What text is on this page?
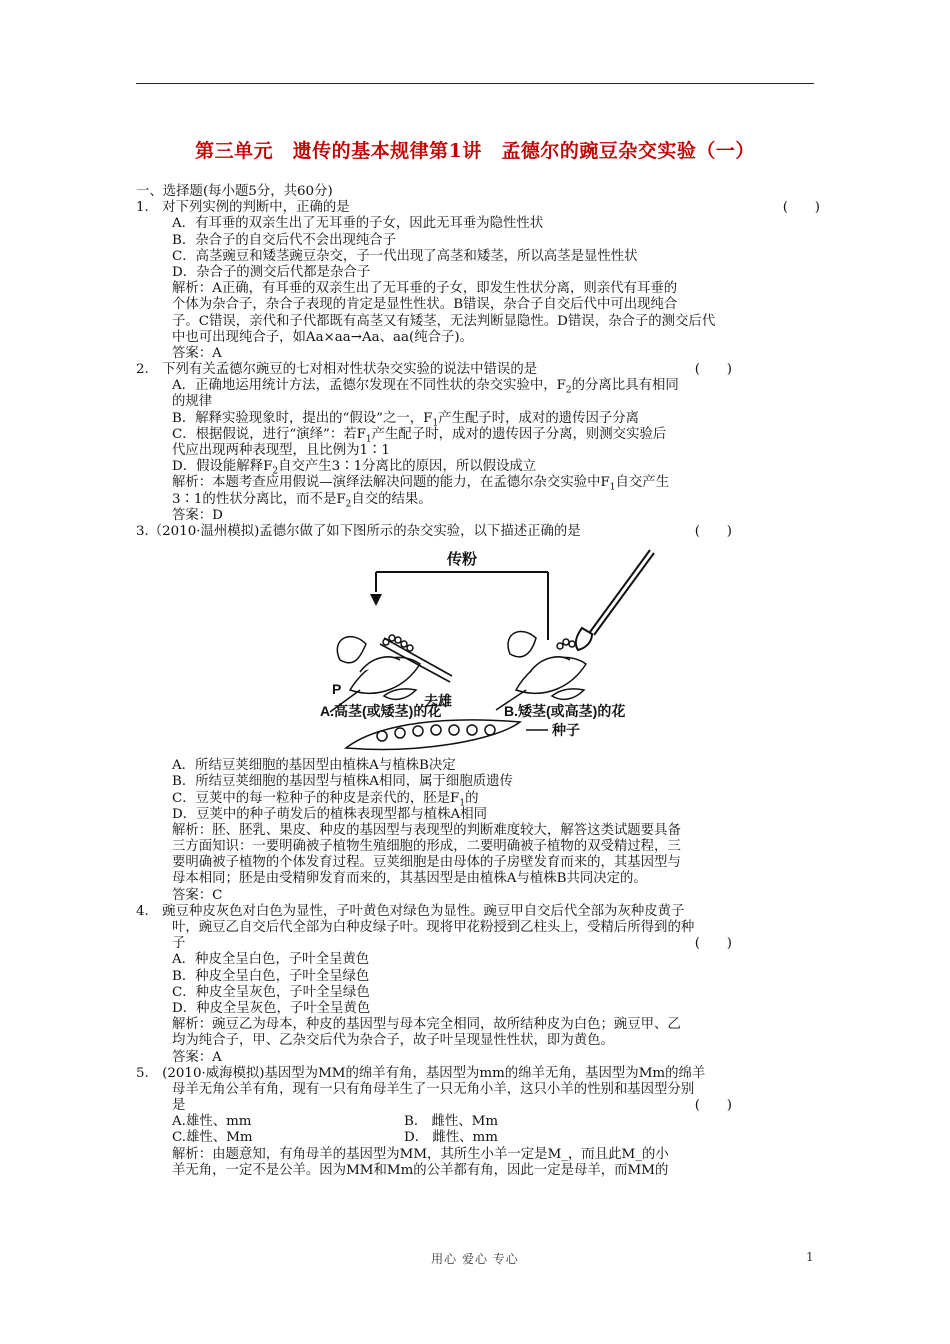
第三单元　遗传的基本规律第1讲　孟德尔的豌豆杂交实验（一）
一、选择题(每小题5分，共60分)
1.　对下列实例的判断中，正确的是	(　　)
A．有耳垂的双亲生出了无耳垂的子女，因此无耳垂为隐性性状
B．杂合子的自交后代不会出现纯合子
C．高茎豌豆和矮茎豌豆杂交，子一代出现了高茎和矮茎，所以高茎是显性性状
D．杂合子的测交后代都是杂合子
解析：A正确，有耳垂的双亲生出了无耳垂的子女，即发生性状分离，则亲代有耳垂的
个体为杂合子，杂合子表现的肯定是显性性状。B错误，杂合子自交后代中可出现纯合
子。C错误，亲代和子代都既有高茎又有矮茎，无法判断显隐性。D错误，杂合子的测交后代
中也可出现纯合子，如Aa×aa→Aa、aa(纯合子)。
答案：A
2.　下列有关孟德尔豌豆的七对相对性状杂交实验的说法中错误的是	(　　)
A．正确地运用统计方法，孟德尔发现在不同性状的杂交实验中，$F_2$的分离比具有相同
的规律
B．解释实验现象时，提出的“假设”之一，$F_1$产生配子时，成对的遗传因子分离
C．根据假说，进行“演绎”：若$F_1$产生配子时，成对的遗传因子分离，则测交实验后
代应出现两种表现型，且比例为1∶1
D．假设能解释$F_2$自交产生3∶1分离比的原因，所以假设成立
解析：本题考查应用假说—演绎法解决问题的能力，在孟德尔杂交实验中$F_1$自交产生
3∶1的性状分离比，而不是$F_2$自交的结果。
答案：D
3.（2010·温州模拟)孟德尔做了如下图所示的杂交实验，以下描述正确的是	(　　)
传粉
P
去雄
A.高茎(或矮茎)的花	B.矮茎(或高茎)的花
种子
A．所结豆荚细胞的基因型由植株A与植株B决定
B．所结豆荚细胞的基因型与植株A相同，属于细胞质遗传
C．豆荚中的每一粒种子的种皮是亲代的，胚是$F_1$的
D．豆荚中的种子萌发后的植株表现型都与植株A相同
解析：胚、胚乳、果皮、种皮的基因型与表现型的判断难度较大，解答这类试题要具备
三方面知识：一要明确被子植物生殖细胞的形成，二要明确被子植物的双受精过程，三
要明确被子植物的个体发育过程。豆荚细胞是由母体的子房壁发育而来的，其基因型与
母本相同；胚是由受精卵发育而来的，其基因型是由植株A与植株B共同决定的。
答案：C
4.　豌豆种皮灰色对白色为显性，子叶黄色对绿色为显性。豌豆甲自交后代全部为灰种皮黄子
叶，豌豆乙自交后代全部为白种皮绿子叶。现将甲花粉授到乙柱头上，受精后所得到的种
子	(　　)
A．种皮全呈白色，子叶全呈黄色
B．种皮全呈白色，子叶全呈绿色
C．种皮全呈灰色，子叶全呈绿色
D．种皮全呈灰色，子叶全呈黄色
解析：豌豆乙为母本，种皮的基因型与母本完全相同，故所结种皮为白色；豌豆甲、乙
均为纯合子，甲、乙杂交后代为杂合子，故子叶呈现显性性状，即为黄色。
答案：A
5.　(2010·威海模拟)基因型为MM的绵羊有角，基因型为mm的绵羊无角，基因型为Mm的绵羊
母羊无角公羊有角，现有一只有角母羊生了一只无角小羊，这只小羊的性别和基因型分别
是	(　　)
A.雄性、mm	B． 雌性、Mm
C.雄性、Mm	D． 雌性、mm
解析：由题意知，有角母羊的基因型为MM，其所生小羊一定是M_，而且此M_的小
羊无角，一定不是公羊。因为MM和Mm的公羊都有角，因此一定是母羊，而MM的
用心 爱心 专心	1
